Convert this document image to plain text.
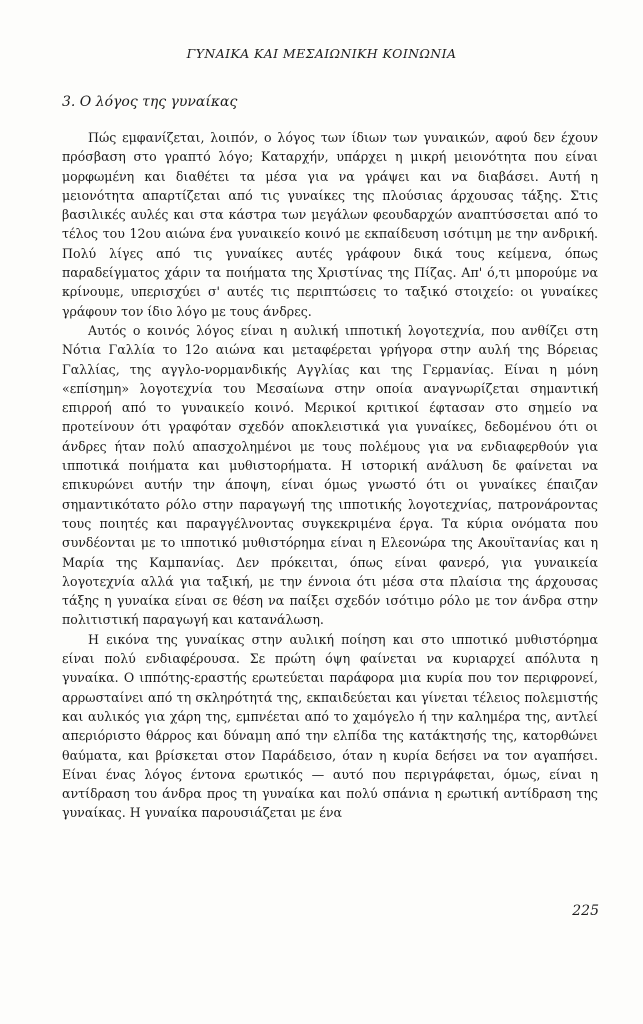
ΓΥΝΑΙΚΑ ΚΑΙ ΜΕΣΑΙΩΝΙΚΗ ΚΟΙΝΩΝΙΑ
3. Ο λόγος της γυναίκας

Πώς εμφανίζεται, λοιπόν, ο λόγος των ίδιων των γυναικών, αφού δεν έχουν πρόσβαση στο γραπτό λόγο; Καταρχήν, υπάρχει η μικρή μειονότητα που είναι μορφωμένη και διαθέτει τα μέσα για να γράψει και να διαβάσει. Αυτή η μειονότητα απαρτίζεται από τις γυναίκες της πλούσιας άρχουσας τάξης. Στις βασιλικές αυλές και στα κάστρα των μεγάλων φεουδαρχών αναπτύσσεται από το τέλος του 12ου αιώνα ένα γυναικείο κοινό με εκπαίδευση ισότιμη με την ανδρική. Πολύ λίγες από τις γυναίκες αυτές γράφουν δικά τους κείμενα, όπως παραδείγματος χάριν τα ποιήματα της Χριστίνας της Πίζας. Απ' ό,τι μπορούμε να κρίνουμε, υπερισχύει σ' αυτές τις περιπτώσεις το ταξικό στοιχείο: οι γυναίκες γράφουν τον ίδιο λόγο με τους άνδρες.

Αυτός ο κοινός λόγος είναι η αυλική ιπποτική λογοτεχνία, που ανθίζει στη Νότια Γαλλία το 12ο αιώνα και μεταφέρεται γρήγορα στην αυλή της Βόρειας Γαλλίας, της αγγλο-νορμανδικής Αγγλίας και της Γερμανίας. Είναι η μόνη «επίσημη» λογοτεχνία του Μεσαίωνα στην οποία αναγνωρίζεται σημαντική επιρροή από το γυναικείο κοινό. Μερικοί κριτικοί έφτασαν στο σημείο να προτείνουν ότι γραφόταν σχεδόν αποκλειστικά για γυναίκες, δεδομένου ότι οι άνδρες ήταν πολύ απασχολημένοι με τους πολέμους για να ενδιαφερθούν για ιπποτικά ποιήματα και μυθιστορήματα. Η ιστορική ανάλυση δε φαίνεται να επικυρώνει αυτήν την άποψη, είναι όμως γνωστό ότι οι γυναίκες έπαιζαν σημαντικότατο ρόλο στην παραγωγή της ιπποτικής λογοτεχνίας, πατρονάροντας τους ποιητές και παραγγέλνοντας συγκεκριμένα έργα. Τα κύρια ονόματα που συνδέονται με το ιπποτικό μυθιστόρημα είναι η Ελεονώρα της Ακουϊτανίας και η Μαρία της Καμπανίας. Δεν πρόκειται, όπως είναι φανερό, για γυναικεία λογοτεχνία αλλά για ταξική, με την έννοια ότι μέσα στα πλαίσια της άρχουσας τάξης η γυναίκα είναι σε θέση να παίξει σχεδόν ισότιμο ρόλο με τον άνδρα στην πολιτιστική παραγωγή και κατανάλωση.

Η εικόνα της γυναίκας στην αυλική ποίηση και στο ιπποτικό μυθιστόρημα είναι πολύ ενδιαφέρουσα. Σε πρώτη όψη φαίνεται να κυριαρχεί απόλυτα η γυναίκα. Ο ιππότης-εραστής ερωτεύεται παράφορα μια κυρία που τον περιφρονεί, αρρωσταίνει από τη σκληρότητά της, εκπαιδεύεται και γίνεται τέλειος πολεμιστής και αυλικός για χάρη της, εμπνέεται από το χαμόγελο ή την καλημέρα της, αντλεί απεριόριστο θάρρος και δύναμη από την ελπίδα της κατάκτησής της, κατορθώνει θαύματα, και βρίσκεται στον Παράδεισο, όταν η κυρία δεήσει να τον αγαπήσει. Είναι ένας λόγος έντονα ερωτικός — αυτό που περιγράφεται, όμως, είναι η αντίδραση του άνδρα προς τη γυναίκα και πολύ σπάνια η ερωτική αντίδραση της γυναίκας. Η γυναίκα παρουσιάζεται με ένα

225
